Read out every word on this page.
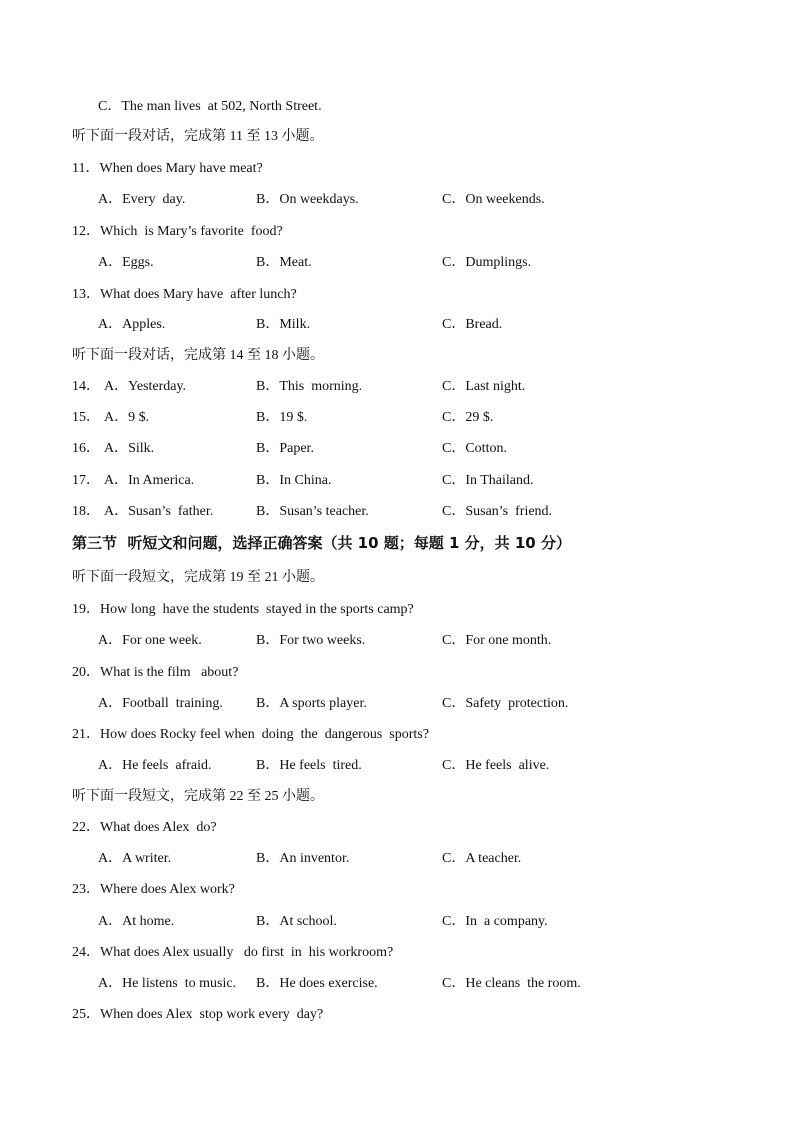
C．The man lives  at 502, North Street.
听下面一段对话，完成第 11 至 13 小题。
11．When does Mary have meat?
A．Every  day.	B．On weekdays.	C．On weekends.
12．Which  is Mary’s favorite  food?
A．Eggs.	B．Meat.	C．Dumplings.
13．What does Mary have  after lunch?
A．Apples.	B．Milk.	C．Bread.
听下面一段对话，完成第 14 至 18 小题。
14． A．Yesterday.	B．This  morning.	C．Last night.
15． A．9 $.	B．19 $.	C．29 $.
16． A．Silk.	B．Paper.	C．Cotton.
17． A．In America.	B．In China.	C．In Thailand.
18． A．Susan’s  father.	B．Susan’s teacher.	C．Susan’s  friend.
第三节  听短文和问题，选择正确答案（共 10 题；每题 1 分，共 10 分）
听下面一段短文，完成第 19 至 21 小题。
19．How long  have the students  stayed in the sports camp?
A．For one week.	B．For two weeks.	C．For one month.
20．What is the film   about?
A．Football  training. B．A sports player.	C．Safety  protection.
21．How does Rocky feel when  doing  the  dangerous  sports?
A．He feels  afraid.	B．He feels  tired.	C．He feels  alive.
听下面一段短文，完成第 22 至 25 小题。
22．What does Alex  do?
A．A writer.	B．An inventor.	C．A teacher.
23．Where does Alex work?
A．At home.	B．At school.	C．In  a company.
24．What does Alex usually   do first  in  his workroom?
A．He listens  to music. B．He does exercise.	C．He cleans  the room.
25．When does Alex  stop work every  day?
